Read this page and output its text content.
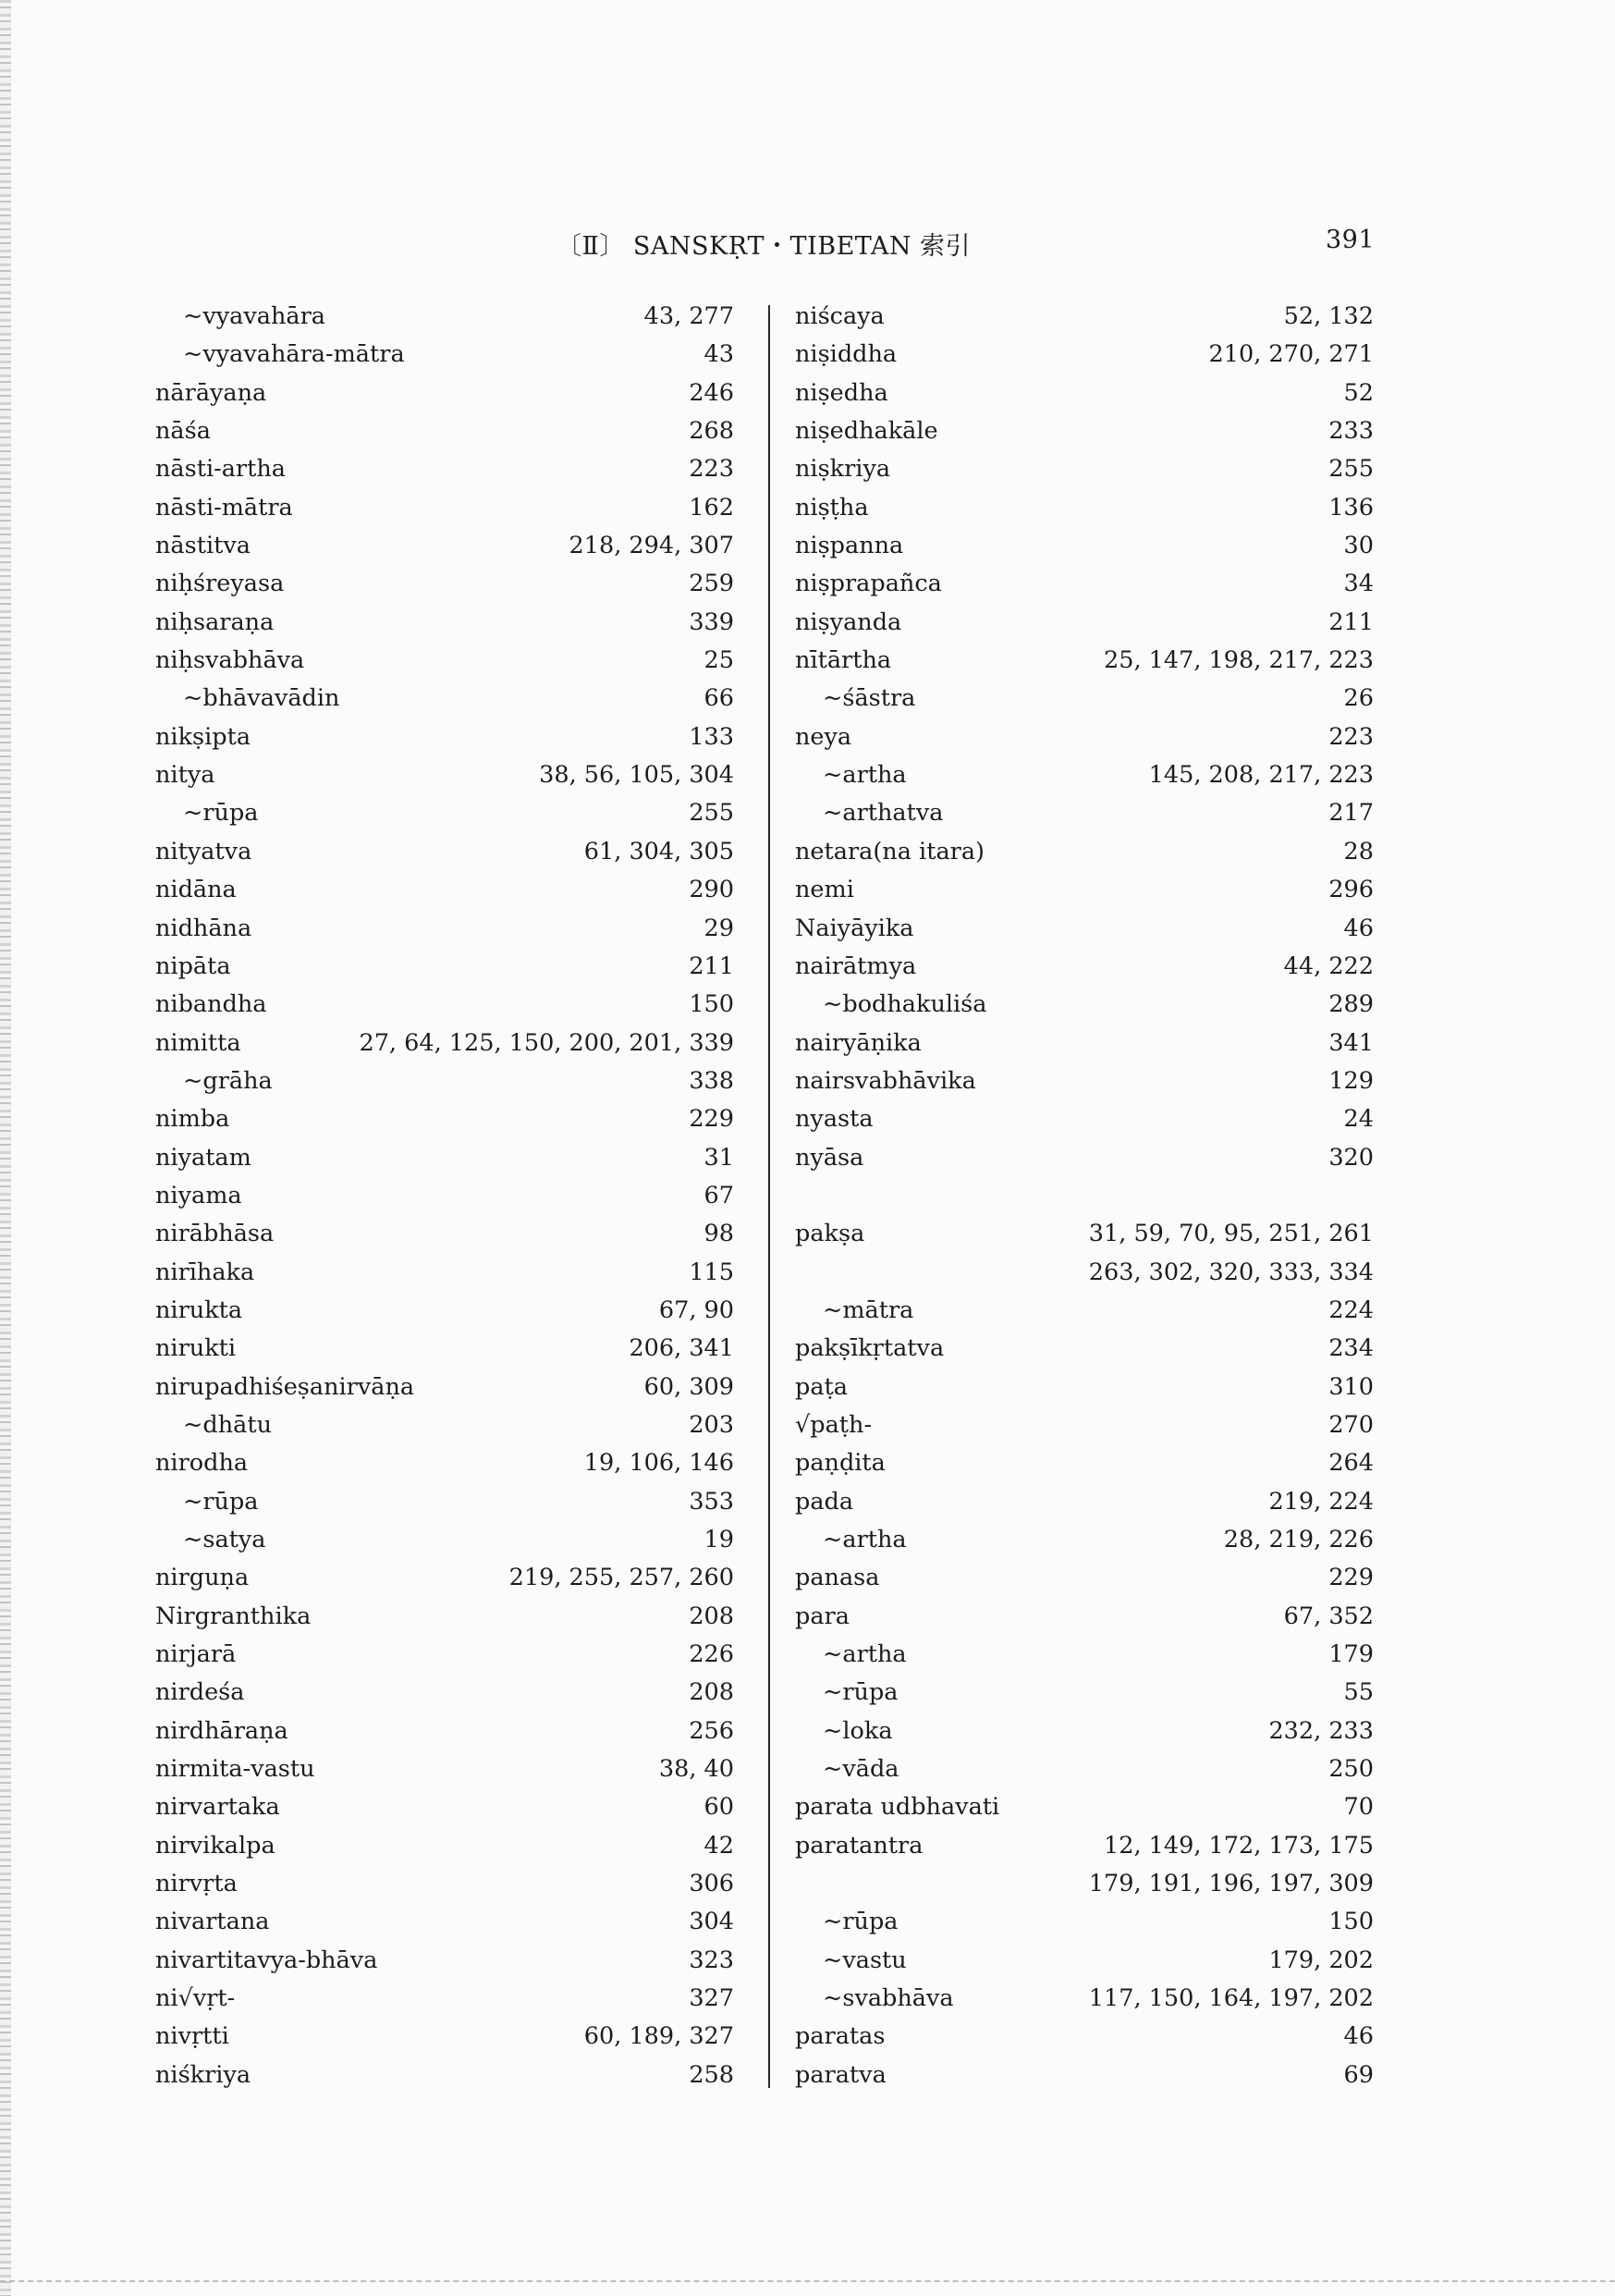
〔Ⅱ〕 SANSKṚT・TIBETAN 索引	391
~vyavahāra	43, 277
~vyavahāra-mātra	43
nārāyaṇa	246
nāśa	268
nāsti-artha	223
nāsti-mātra	162
nāstitva	218, 294, 307
niḥśreyasa	259
niḥsaraṇa	339
niḥsvabhāva	25
~bhāvavādin	66
nikṣipta	133
nitya	38, 56, 105, 304
~rūpa	255
nityatva	61, 304, 305
nidāna	290
nidhāna	29
nipāta	211
nibandha	150
nimitta	27, 64, 125, 150, 200, 201, 339
~grāha	338
nimba	229
niyatam	31
niyama	67
nirābhāsa	98
nirīhaka	115
nirukta	67, 90
nirukti	206, 341
nirupadhiśeṣanirvāṇa	60, 309
~dhātu	203
nirodha	19, 106, 146
~rūpa	353
~satya	19
nirguṇa	219, 255, 257, 260
Nirgranthika	208
nirjarā	226
nirdeśa	208
nirdhāraṇa	256
nirmita-vastu	38, 40
nirvartaka	60
nirvikalpa	42
nirvṛta	306
nivartana	304
nivartitavya-bhāva	323
ni√vṛt-	327
nivṛtti	60, 189, 327
niśkriya	258
niścaya	52, 132
niṣiddha	210, 270, 271
niṣedha	52
niṣedhakāle	233
niṣkriya	255
niṣṭha	136
niṣpanna	30
niṣprapañca	34
niṣyanda	211
nītārtha	25, 147, 198, 217, 223
~śāstra	26
neya	223
~artha	145, 208, 217, 223
~arthatva	217
netara(na itara)	28
nemi	296
Naiyāyika	46
nairātmya	44, 222
~bodhakuliśa	289
nairyāṇika	341
nairsvabhāvika	129
nyasta	24
nyāsa	320
pakṣa	31, 59, 70, 95, 251, 261
263, 302, 320, 333, 334
~mātra	224
pakṣīkṛtatva	234
paṭa	310
√paṭh-	270
paṇḍita	264
pada	219, 224
~artha	28, 219, 226
panasa	229
para	67, 352
~artha	179
~rūpa	55
~loka	232, 233
~vāda	250
parata udbhavati	70
paratantra	12, 149, 172, 173, 175
179, 191, 196, 197, 309
~rūpa	150
~vastu	179, 202
~svabhāva	117, 150, 164, 197, 202
paratas	46
paratva	69
